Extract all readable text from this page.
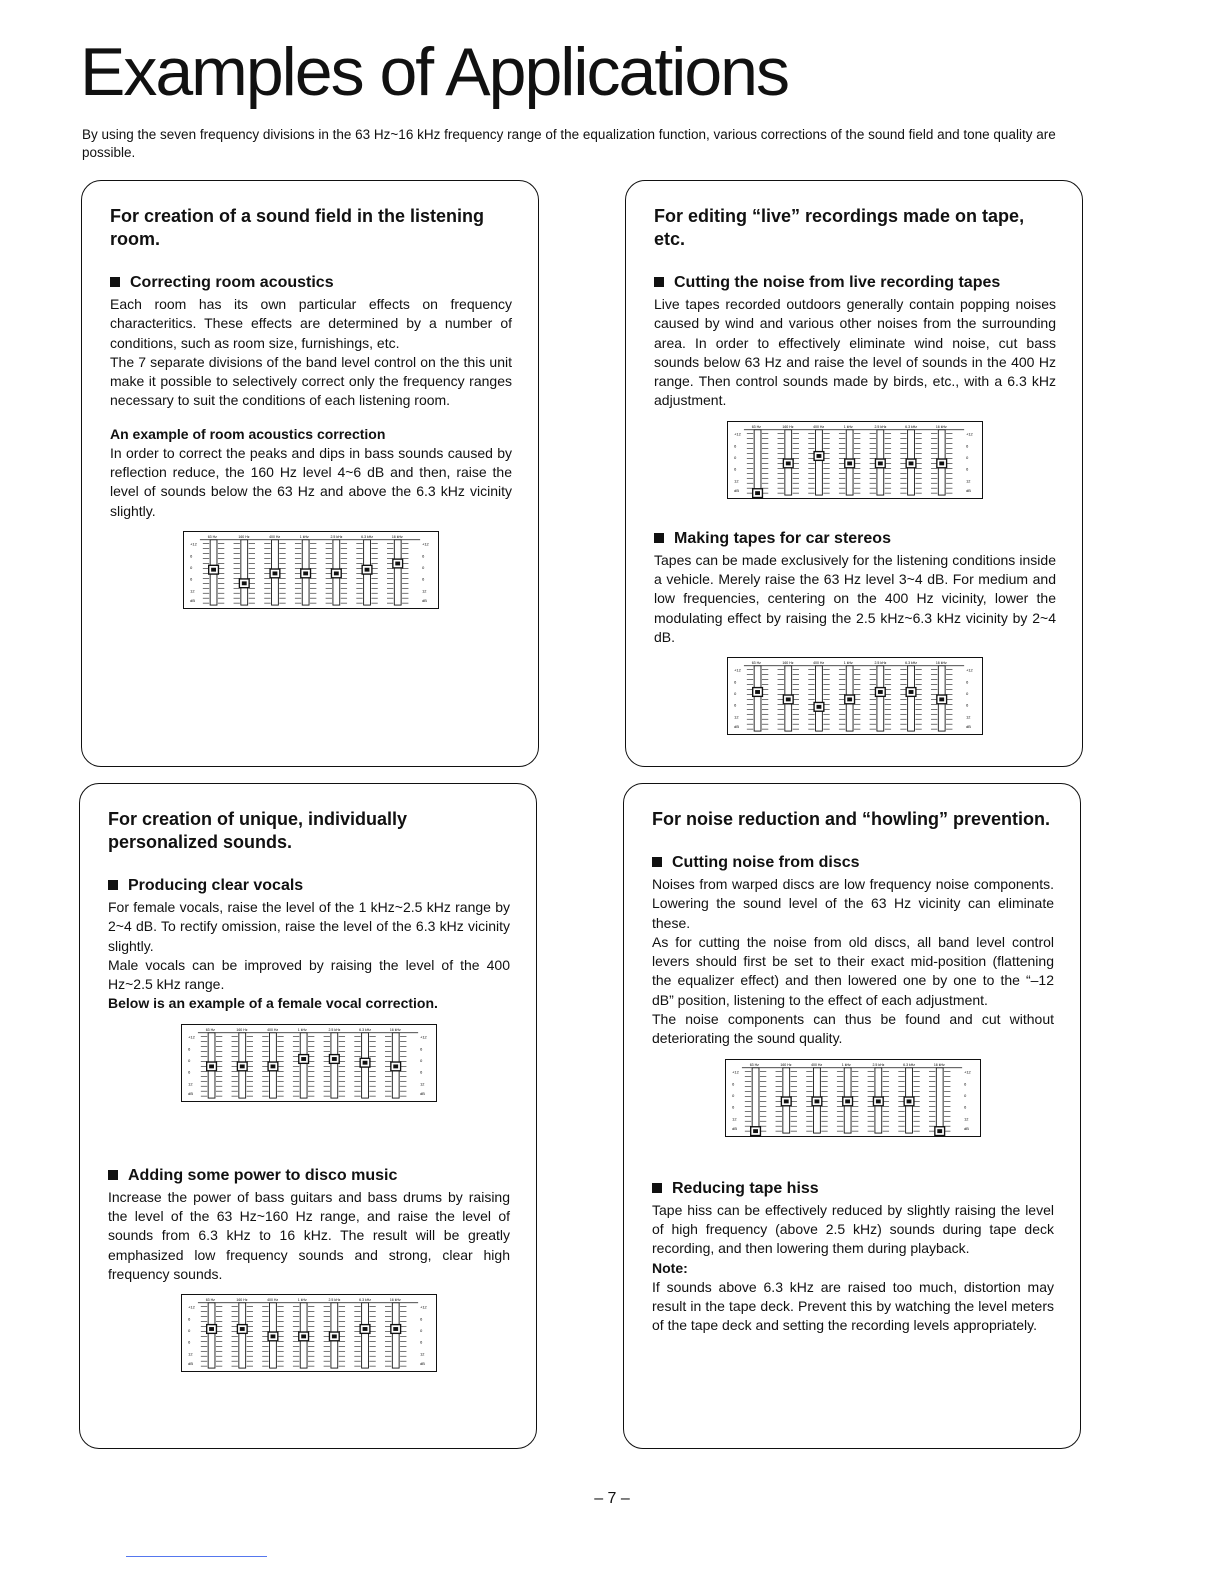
Examples of Applications

By using the seven frequency divisions in the 63 Hz~16 kHz frequency range of the equalization function, various corrections of the sound field and tone quality are possible.

For creation of a sound field in the listening room.
Correcting room acoustics

Each room has its own particular effects on frequency characteritics. These effects are determined by a number of conditions, such as room size, furnishings, etc.

The 7 separate divisions of the band level control on the this unit make it possible to selectively correct only the frequency ranges necessary to suit the conditions of each listening room.

An example of room acoustics correction

In order to correct the peaks and dips in bass sounds caused by reflection reduce, the 160 Hz level 4~6 dB and then, raise the level of sounds below the 63 Hz and above the 6.3 kHz vicinity slightly.

+12	+12
6	6
0	0
6	6
12	12
dB	dB
63 Hz	160 Hz	400 Hz	1 kHz	2.5 kHz	6.3 kHz	16 kHz
For editing “live” recordings made on tape, etc.
Cutting the noise from live recording tapes

Live tapes recorded outdoors generally contain popping noises caused by wind and various other noises from the surrounding area. In order to effectively eliminate wind noise, cut bass sounds below 63 Hz and raise the level of sounds in the 400 Hz range. Then control sounds made by birds, etc., with a 6.3 kHz adjustment.

+12	+12
6	6
0	0
6	6
12	12
dB	dB
63 Hz	160 Hz	400 Hz	1 kHz	2.5 kHz	6.3 kHz	16 kHz
Making tapes for car stereos

Tapes can be made exclusively for the listening conditions inside a vehicle. Merely raise the 63 Hz level 3~4 dB. For medium and low frequencies, centering on the 400 Hz vicinity, lower the modulating effect by raising the 2.5 kHz~6.3 kHz vicinity by 2~4 dB.

+12	+12
6	6
0	0
6	6
12	12
dB	dB
63 Hz	160 Hz	400 Hz	1 kHz	2.5 kHz	6.3 kHz	16 kHz
For creation of unique, individually personalized sounds.
Producing clear vocals

For female vocals, raise the level of the 1 kHz~2.5 kHz range by 2~4 dB. To rectify omission, raise the level of the 6.3 kHz vicinity slightly.

Male vocals can be improved by raising the level of the 400 Hz~2.5 kHz range.

Below is an example of a female vocal correction.

+12	+12
6	6
0	0
6	6
12	12
dB	dB
63 Hz	160 Hz	400 Hz	1 kHz	2.5 kHz	6.3 kHz	16 kHz
Adding some power to disco music

Increase the power of bass guitars and bass drums by raising the level of the 63 Hz~160 Hz range, and raise the level of sounds from 6.3 kHz to 16 kHz. The result will be greatly emphasized low frequency sounds and strong, clear high frequency sounds.

+12	+12
6	6
0	0
6	6
12	12
dB	dB
63 Hz	160 Hz	400 Hz	1 kHz	2.5 kHz	6.3 kHz	16 kHz
For noise reduction and “howling” prevention.
Cutting noise from discs

Noises from warped discs are low frequency noise components. Lowering the sound level of the 63 Hz vicinity can eliminate these.

As for cutting the noise from old discs, all band level control levers should first be set to their exact mid-position (flattening the equalizer effect) and then lowered one by one to the “–12 dB” position, listening to the effect of each adjustment.

The noise components can thus be found and cut without deteriorating the sound quality.

+12	+12
6	6
0	0
6	6
12	12
dB	dB
63 Hz	160 Hz	400 Hz	1 kHz	2.5 kHz	6.3 kHz	16 kHz
Reducing tape hiss

Tape hiss can be effectively reduced by slightly raising the level of high frequency (above 2.5 kHz) sounds during tape deck recording, and then lowering them during playback.

Note:

If sounds above 6.3 kHz are raised too much, distortion may result in the tape deck. Prevent this by watching the level meters of the tape deck and setting the recording levels appropriately.

– 7 –
